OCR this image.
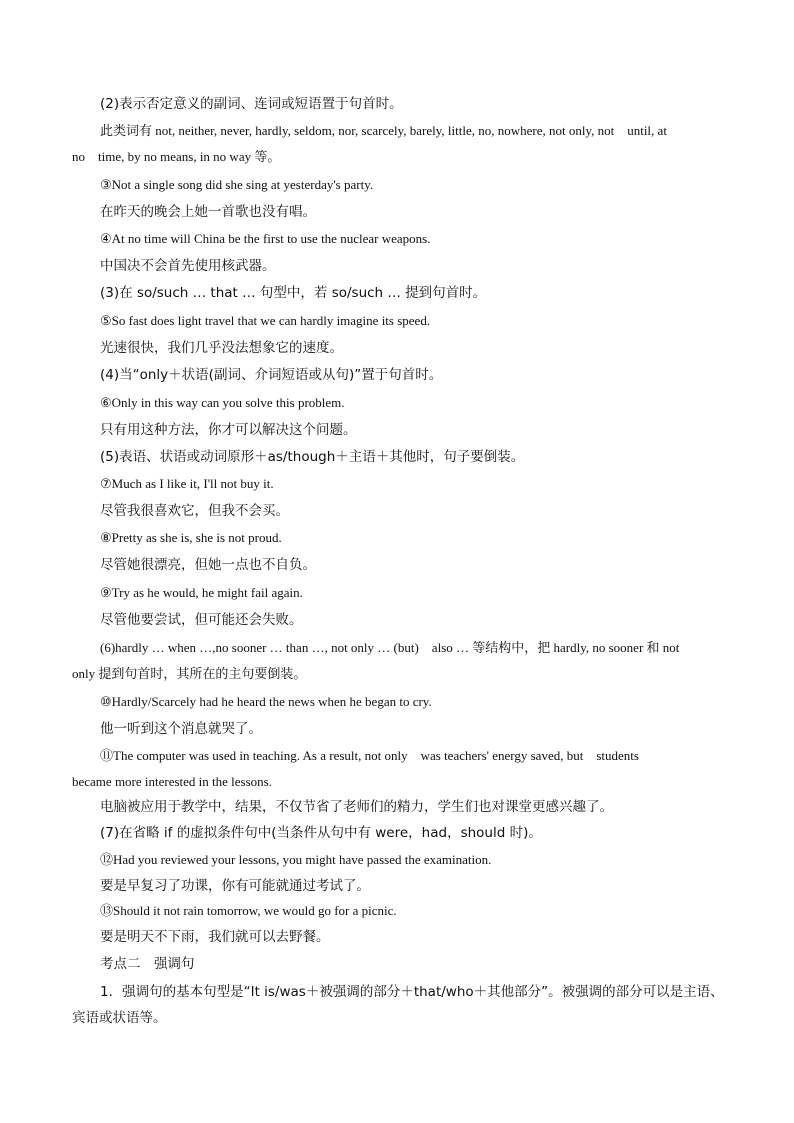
(2)表示否定意义的副词、连词或短语置于句首时。
此类词有 not, neither, never, hardly, seldom, nor, scarcely, barely, little, no, nowhere, not only, not　until, at
no　time, by no means, in no way 等。
③Not a single song did she sing at yesterday's party.
在昨天的晚会上她一首歌也没有唱。
④At no time will China be the first to use the nuclear weapons.
中国决不会首先使用核武器。
(3)在 so/such … that … 句型中，若 so/such … 提到句首时。
⑤So fast does light travel that we can hardly imagine its speed.
光速很快，我们几乎没法想象它的速度。
(4)当“only＋状语(副词、介词短语或从句)”置于句首时。
⑥Only in this way can you solve this problem.
只有用这种方法，你才可以解决这个问题。
(5)表语、状语或动词原形＋as/though＋主语＋其他时，句子要倒装。
⑦Much as I like it, I'll not buy it.
尽管我很喜欢它，但我不会买。
⑧Pretty as she is, she is not proud.
尽管她很漂亮，但她一点也不自负。
⑨Try as he would, he might fail again.
尽管他要尝试，但可能还会失败。
(6)hardly … when …,no sooner … than …, not only … (but)　also … 等结构中，把 hardly, no sooner 和 not
only 提到句首时，其所在的主句要倒装。
⑩Hardly/Scarcely had he heard the news when he began to cry.
他一听到这个消息就哭了。
⑪The computer was used in teaching. As a result, not only　was teachers' energy saved, but　students
became more interested in the lessons.
电脑被应用于教学中，结果，不仅节省了老师们的精力，学生们也对课堂更感兴趣了。
(7)在省略 if 的虚拟条件句中(当条件从句中有 were，had，should 时)。
⑫Had you reviewed your lessons, you might have passed the examination.
要是早复习了功课，你有可能就通过考试了。
⑬Should it not rain tomorrow, we would go for a picnic.
要是明天不下雨，我们就可以去野餐。
考点二　强调句
1．强调句的基本句型是“It is/was＋被强调的部分＋that/who＋其他部分”。被强调的部分可以是主语、
宾语或状语等。
